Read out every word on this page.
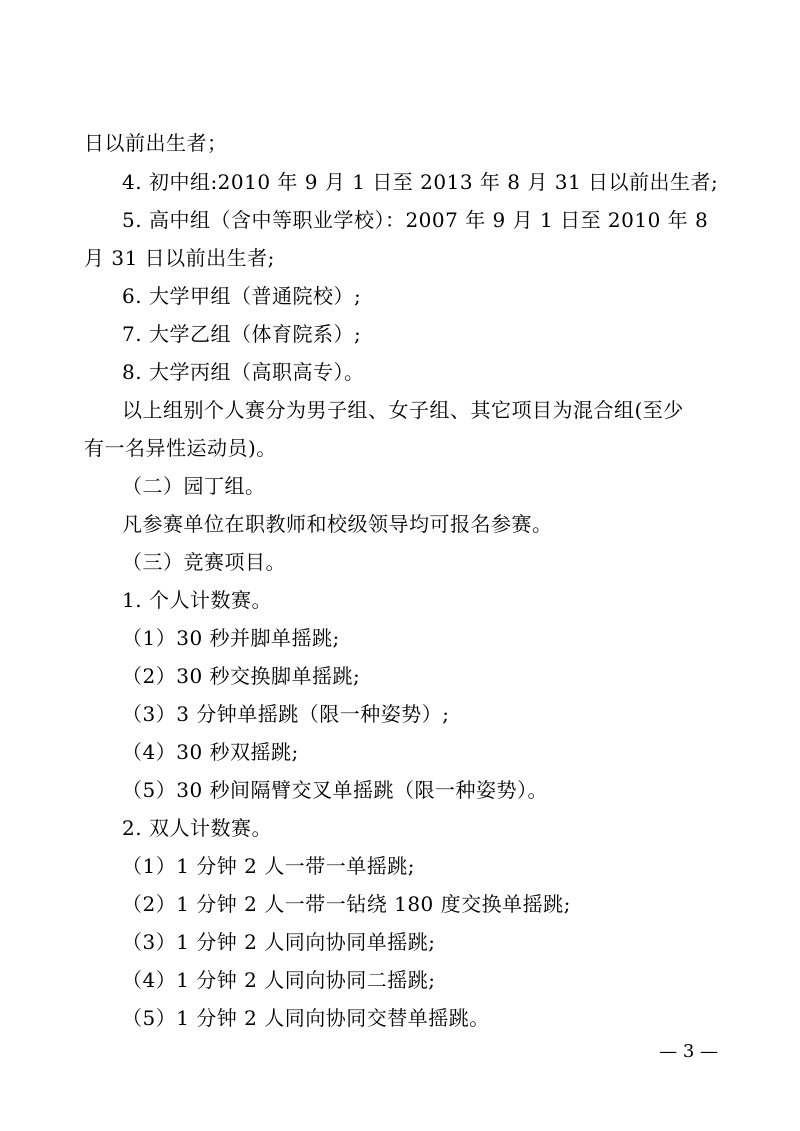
日以前出生者；
4. 初中组:2010 年 9 月 1 日至 2013 年 8 月 31 日以前出生者;
5. 高中组（含中等职业学校）：2007 年 9 月 1 日至 2010 年 8
月 31 日以前出生者;
6. 大学甲组（普通院校）;
7. 大学乙组（体育院系）;
8. 大学丙组（高职高专）。
以上组别个人赛分为男子组、女子组、其它项目为混合组(至少
有一名异性运动员)。
（二）园丁组。
凡参赛单位在职教师和校级领导均可报名参赛。
（三）竞赛项目。
1. 个人计数赛。
（1）30 秒并脚单摇跳;
（2）30 秒交换脚单摇跳;
（3）3 分钟单摇跳（限一种姿势）;
（4）30 秒双摇跳;
（5）30 秒间隔臂交叉单摇跳（限一种姿势）。
2. 双人计数赛。
（1）1 分钟 2 人一带一单摇跳;
（2）1 分钟 2 人一带一钻绕 180 度交换单摇跳;
（3）1 分钟 2 人同向协同单摇跳;
（4）1 分钟 2 人同向协同二摇跳;
（5）1 分钟 2 人同向协同交替单摇跳。
— 3 —
